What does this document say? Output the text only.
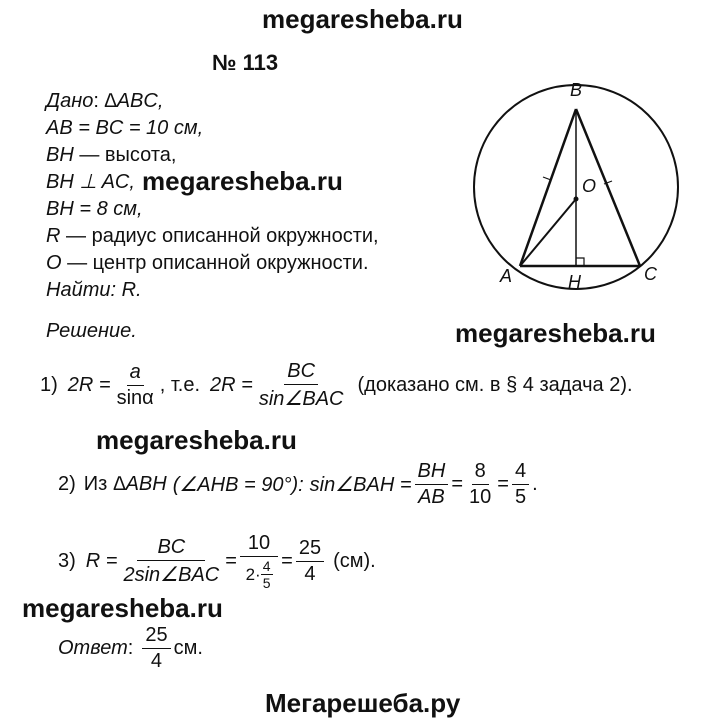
megaresheba.ru
megaresheba.ru
megaresheba.ru
megaresheba.ru
megaresheba.ru
Мегарешеба.ру
№ 113
Дано: ∆ABC,
AB = BC = 10 см,
BH — высота,
BH ⊥ AC,
BH = 8 см,
R — радиус описанной окружности,
O — центр описанной окружности.
Найти: R.
Решение.
1) $2R = \frac{a}{\sin\alpha}$ , т.е. $2R = \frac{BC}{\text{sin∠BAC}}$ (доказано см. в § 4 задача 2).
2) Из ∆ABH (∠AHB = 90°): sin∠BAH = $\frac{BH}{AB} = \frac{8}{10} = \frac{4}{5}$ .
3) $R = \frac{BC}{\text{2sin∠BAC}} = \frac{10}{2\cdot \frac{4}{5}} = \frac{25}{4} (см)$.
Ответ : $\frac{25}{4}$ см.
B
O
A	H	C
